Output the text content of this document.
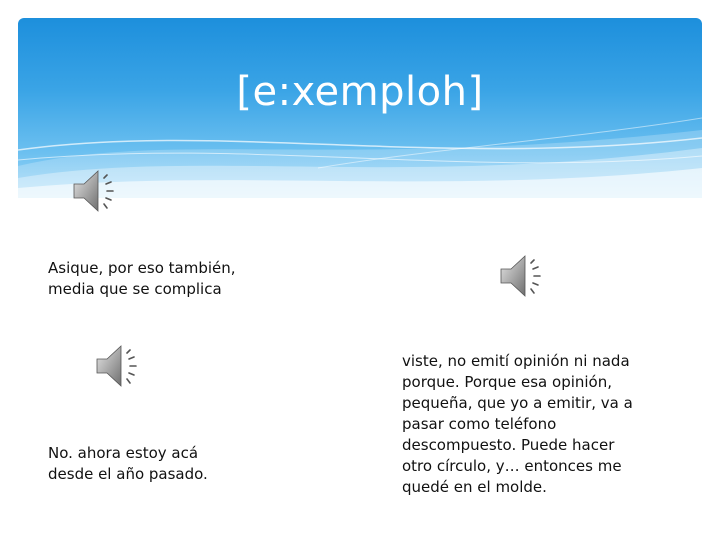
[e:xemploh]
Asique, por eso también,
media que se complica
No. ahora estoy acá
desde el año pasado.
viste, no emití opinión ni nada
porque. Porque esa opinión,
pequeña, que yo a emitir, va a
pasar como teléfono
descompuesto. Puede hacer
otro círculo, y… entonces me
quedé en el molde.
